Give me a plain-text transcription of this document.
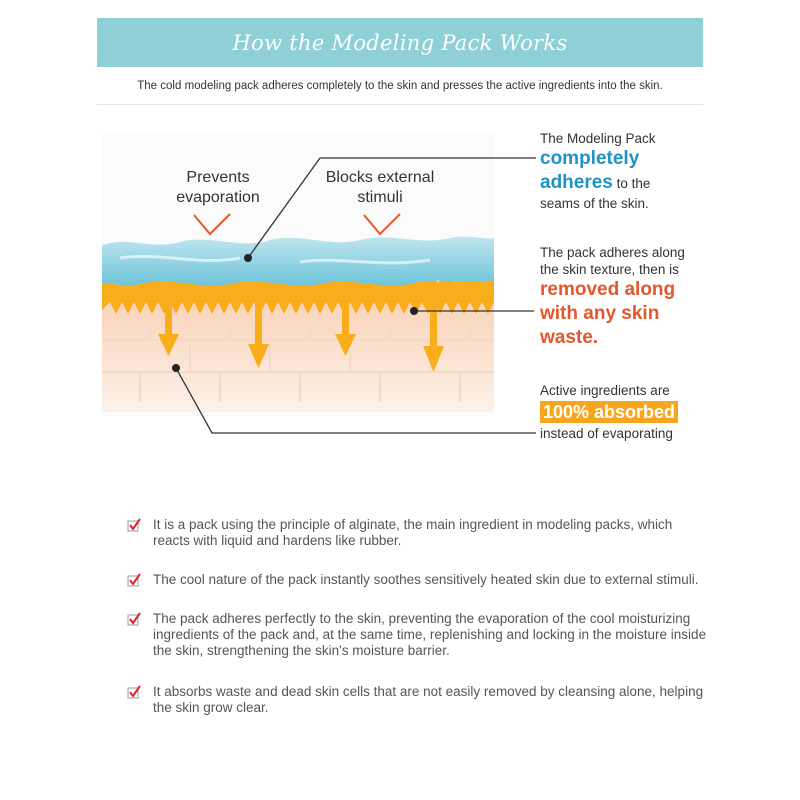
How the Modeling Pack Works
The cold modeling pack adheres completely to the skin and presses the active ingredients into the skin.
Prevents
evaporation
Blocks external
stimuli
The Modeling Pack
completely
adheres to the
seams of the skin.
The pack adheres along
the skin texture, then is
removed along
with any skin
waste.
Active ingredients are
100% absorbed
instead of evaporating
It is a pack using the principle of alginate, the main ingredient in modeling packs, which reacts with liquid and hardens like rubber.
The cool nature of the pack instantly soothes sensitively heated skin due to external stimuli.
The pack adheres perfectly to the skin, preventing the evaporation of the cool moisturizing ingredients of the pack and, at the same time, replenishing and locking in the moisture inside the skin, strengthening the skin's moisture barrier.
It absorbs waste and dead skin cells that are not easily removed by cleansing alone, helping the skin grow clear.
